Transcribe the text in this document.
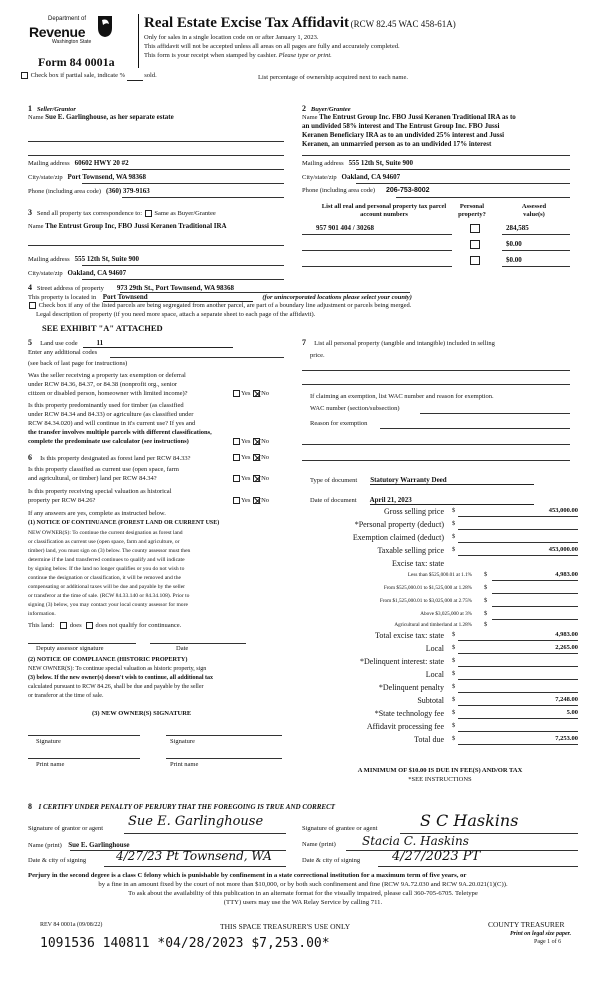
Department of
Revenue
Washington State
Form 84 0001a
Check box if partial sale, indicate %	sold.
Real Estate Excise Tax Affidavit (RCW 82.45 WAC 458-61A)
Only for sales in a single location code on or after January 1, 2023.
This affidavit will not be accepted unless all areas on all pages are fully and accurately completed.
This form is your receipt when stamped by cashier. Please type or print.
List percentage of ownership acquired next to each name.
1 Seller/Grantor
Name Sue E. Garlinghouse, as her separate estate
Mailing address 60602 HWY 20 #2
City/state/zip Port Townsend, WA 98368
Phone (including area code) (360) 379-9163
2 Buyer/Grantee
Name The Entrust Group Inc. FBO Jussi Keranen Traditional IRA as to
an undivided 58% interest and The Entrust Group Inc. FBO Jussi
Keranen Beneficiary IRA as to an undivided 25% interest and Jussi
Keranen, an unmarried person as to an undivided 17% interest
Mailing address 555 12th St, Suite 900
City/state/zip Oakland, CA 94607
Phone (including area code) 206-753-8002
3 Send all property tax correspondence to: Same as Buyer/Grantee
Name The Entrust Group Inc, FBO Jussi Keranen Traditional IRA
Mailing address 555 12th St, Suite 900
City/state/zip Oakland, CA 94607
List all real and personal property tax parcel account numbers
Personal property?
Assessed value(s)
957 901 404 / 30268	284,585
$0.00
$0.00
4 Street address of property 973 29th St., Port Townsend, WA 98368
This property is located in Port Townsend	(for unincorporated locations please select your county)
Check box if any of the listed parcels are being segregated from another parcel, are part of a boundary line adjustment or parcels being merged.
Legal description of property (if you need more space, attach a separate sheet to each page of the affidavit).
SEE EXHIBIT "A" ATTACHED
5 Land use code	11
Enter any additional codes
(see back of last page for instructions)
Was the seller receiving a property tax exemption or deferral
under RCW 84.36, 84.37, or 84.38 (nonprofit org., senior
citizen or disabled person, homeowner with limited income)?	Yes No
Is this property predominantly used for timber (as classified
under RCW 84.34 and 84.33) or agriculture (as classified under
RCW 84.34.020) and will continue in it's current use? If yes and
the transfer involves multiple parcels with different classifications,
complete the predominate use calculator (see instructions)	Yes No
6 Is this property designated as forest land per RCW 84.33?	Yes No
Is this property classified as current use (open space, farm
and agricultural, or timber) land per RCW 84.34?	Yes No
Is this property receiving special valuation as historical
property per RCW 84.26?	Yes No
If any answers are yes, complete as instructed below.
(1) NOTICE OF CONTINUANCE (FOREST LAND OR CURRENT USE)
NEW OWNER(S): To continue the current designation as forest land
or classification as current use (open space, farm and agriculture, or
timber) land, you must sign on (3) below. The county assessor must then
determine if the land transferred continues to qualify and will indicate
by signing below. If the land no longer qualifies or you do not wish to
continue the designation or classification, it will be removed and the
compensating or additional taxes will be due and payable by the seller
or transferor at the time of sale. (RCW 84.33.140 or 84.34.108). Prior to
signing (3) below, you may contact your local county assessor for more
information.
This land: does does not qualify for continuance.
Deputy assessor signature	Date
(2) NOTICE OF COMPLIANCE (HISTORIC PROPERTY)
NEW OWNER(S): To continue special valuation as historic property, sign
(3) below. If the new owner(s) doesn't wish to continue, all additional tax
calculated pursuant to RCW 84.26, shall be due and payable by the seller
or transferor at the time of sale.
(3) NEW OWNER(S) SIGNATURE
Signature	Signature
Print name	Print name
7 List all personal property (tangible and intangible) included in selling
price.
If claiming an exemption, list WAC number and reason for exemption.
WAC number (section/subsection)
Reason for exemption
Type of document Statutory Warranty Deed
Date of document April 21, 2023
Gross selling price $	453,000.00
*Personal property (deduct) $
Exemption claimed (deduct) $
Taxable selling price $	453,000.00
Excise tax: state
Less than $525,000.01 at 1.1% $	4,983.00
From $525,000.01 to $1,525,000 at 1.28% $
From $1,525,000.01 to $3,025,000 at 2.75% $
Above $3,025,000 at 3% $
Agricultural and timberland at 1.28% $
Total excise tax: state $	4,983.00
Local $	2,265.00
*Delinquent interest: state $
Local $
*Delinquent penalty $
Subtotal $	7,248.00
*State technology fee $	5.00
Affidavit processing fee $
Total due $	7,253.00
A MINIMUM OF $10.00 IS DUE IN FEE(S) AND/OR TAX
*SEE INSTRUCTIONS
8 I CERTIFY UNDER PENALTY OF PERJURY THAT THE FOREGOING IS TRUE AND CORRECT
Signature of grantor or agent Sue E. Garlinghouse
Name (print) Sue E. Garlinghouse
Date & city of signing 4/27/23 Pt Townsend, WA
Signature of grantee or agent	S C Haskins
Name (print) Stacia C. Haskins
Date & city of signing 4/27/2023 PT
Perjury in the second degree is a class C felony which is punishable by confinement in a state correctional institution for a maximum term of five years, or
by a fine in an amount fixed by the court of not more than $10,000, or by both such confinement and fine (RCW 9A.72.030 and RCW 9A.20.021(1)(C)).
To ask about the availability of this publication in an alternate format for the visually impaired, please call 360-705-6705. Teletype
(TTY) users may use the WA Relay Service by calling 711.
REV 84 0001a (09/08/22)	THIS SPACE TREASURER'S USE ONLY	COUNTY TREASURER
Print on legal size paper.
Page 1 of 6
1091536 140811 *04/28/2023 $7,253.00*
